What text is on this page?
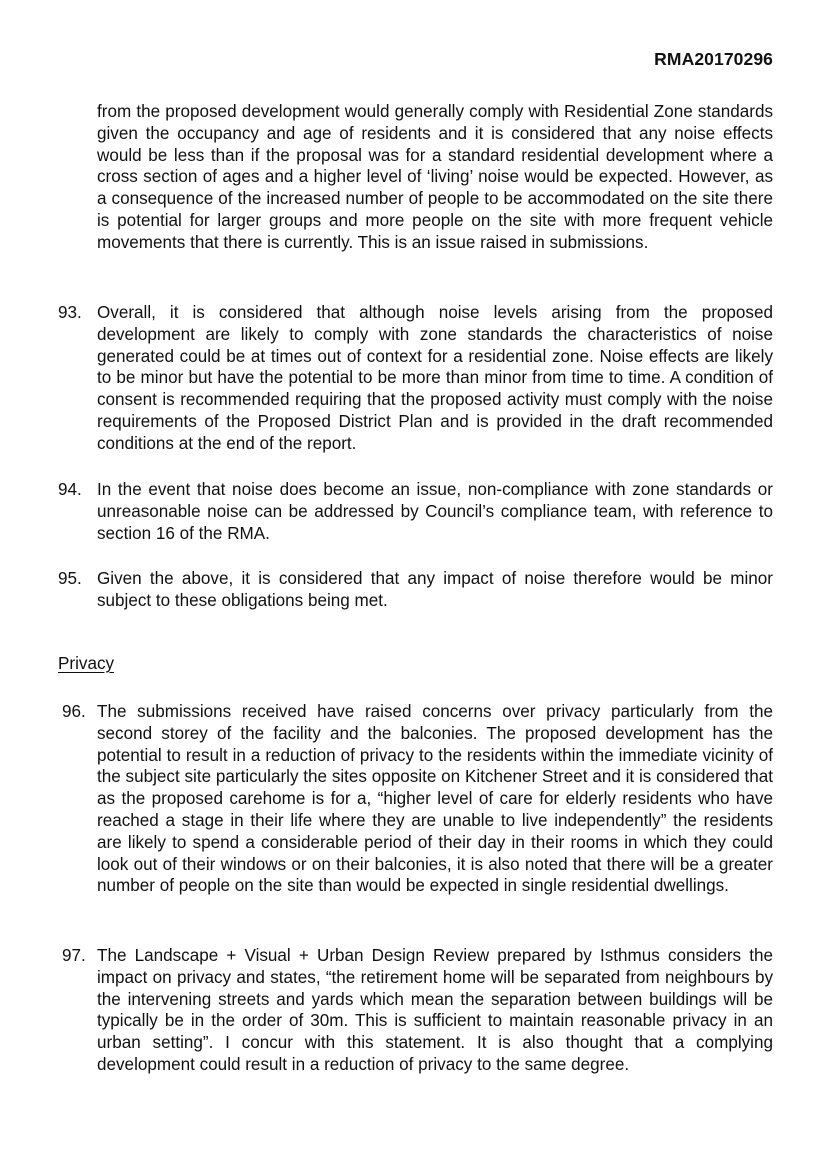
RMA20170296

from the proposed development would generally comply with Residential Zone standards given the occupancy and age of residents and it is considered that any noise effects would be less than if the proposal was for a standard residential development where a cross section of ages and a higher level of ‘living’ noise would be expected. However, as a consequence of the increased number of people to be accommodated on the site there is potential for larger groups and more people on the site with more frequent vehicle movements that there is currently. This is an issue raised in submissions.

93. Overall, it is considered that although noise levels arising from the proposed development are likely to comply with zone standards the characteristics of noise generated could be at times out of context for a residential zone. Noise effects are likely to be minor but have the potential to be more than minor from time to time. A condition of consent is recommended requiring that the proposed activity must comply with the noise requirements of the Proposed District Plan and is provided in the draft recommended conditions at the end of the report.

94. In the event that noise does become an issue, non-compliance with zone standards or unreasonable noise can be addressed by Council’s compliance team, with reference to section 16 of the RMA.

95. Given the above, it is considered that any impact of noise therefore would be minor subject to these obligations being met.

Privacy
96. The submissions received have raised concerns over privacy particularly from the second storey of the facility and the balconies. The proposed development has the potential to result in a reduction of privacy to the residents within the immediate vicinity of the subject site particularly the sites opposite on Kitchener Street and it is considered that as the proposed carehome is for a, “higher level of care for elderly residents who have reached a stage in their life where they are unable to live independently” the residents are likely to spend a considerable period of their day in their rooms in which they could look out of their windows or on their balconies, it is also noted that there will be a greater number of people on the site than would be expected in single residential dwellings.

97. The Landscape + Visual + Urban Design Review prepared by Isthmus considers the impact on privacy and states, “the retirement home will be separated from neighbours by the intervening streets and yards which mean the separation between buildings will be typically be in the order of 30m. This is sufficient to maintain reasonable privacy in an urban setting”. I concur with this statement. It is also thought that a complying development could result in a reduction of privacy to the same degree.
